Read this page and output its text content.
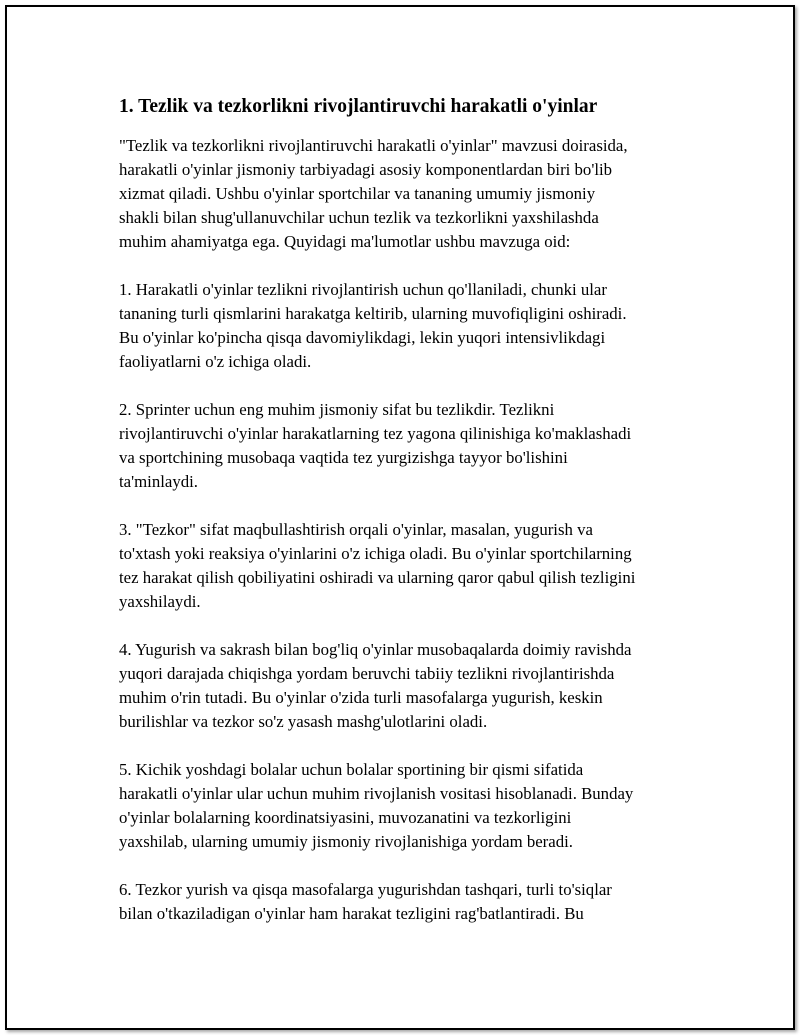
1. Tezlik va tezkorlikni rivojlantiruvchi harakatli o'yinlar

"Tezlik va tezkorlikni rivojlantiruvchi harakatli o'yinlar" mavzusi doirasida,
harakatli o'yinlar jismoniy tarbiyadagi asosiy komponentlardan biri bo'lib
xizmat qiladi. Ushbu o'yinlar sportchilar va tananing umumiy jismoniy
shakli bilan shug'ullanuvchilar uchun tezlik va tezkorlikni yaxshilashda
muhim ahamiyatga ega. Quyidagi ma'lumotlar ushbu mavzuga oid:

1. Harakatli o'yinlar tezlikni rivojlantirish uchun qo'llaniladi, chunki ular
tananing turli qismlarini harakatga keltirib, ularning muvofiqligini oshiradi.
Bu o'yinlar ko'pincha qisqa davomiylikdagi, lekin yuqori intensivlikdagi
faoliyatlarni o'z ichiga oladi.

2. Sprinter uchun eng muhim jismoniy sifat bu tezlikdir. Tezlikni
rivojlantiruvchi o'yinlar harakatlarning tez yagona qilinishiga ko'maklashadi
va sportchining musobaqa vaqtida tez yurgizishga tayyor bo'lishini
ta'minlaydi.

3. "Tezkor" sifat maqbullashtirish orqali o'yinlar, masalan, yugurish va
to'xtash yoki reaksiya o'yinlarini o'z ichiga oladi. Bu o'yinlar sportchilarning
tez harakat qilish qobiliyatini oshiradi va ularning qaror qabul qilish tezligini
yaxshilaydi.

4. Yugurish va sakrash bilan bog'liq o'yinlar musobaqalarda doimiy ravishda
yuqori darajada chiqishga yordam beruvchi tabiiy tezlikni rivojlantirishda
muhim o'rin tutadi. Bu o'yinlar o'zida turli masofalarga yugurish, keskin
burilishlar va tezkor so'z yasash mashg'ulotlarini oladi.

5. Kichik yoshdagi bolalar uchun bolalar sportining bir qismi sifatida
harakatli o'yinlar ular uchun muhim rivojlanish vositasi hisoblanadi. Bunday
o'yinlar bolalarning koordinatsiyasini, muvozanatini va tezkorligini
yaxshilab, ularning umumiy jismoniy rivojlanishiga yordam beradi.

6. Tezkor yurish va qisqa masofalarga yugurishdan tashqari, turli to'siqlar
bilan o'tkaziladigan o'yinlar ham harakat tezligini rag'batlantiradi. Bu
